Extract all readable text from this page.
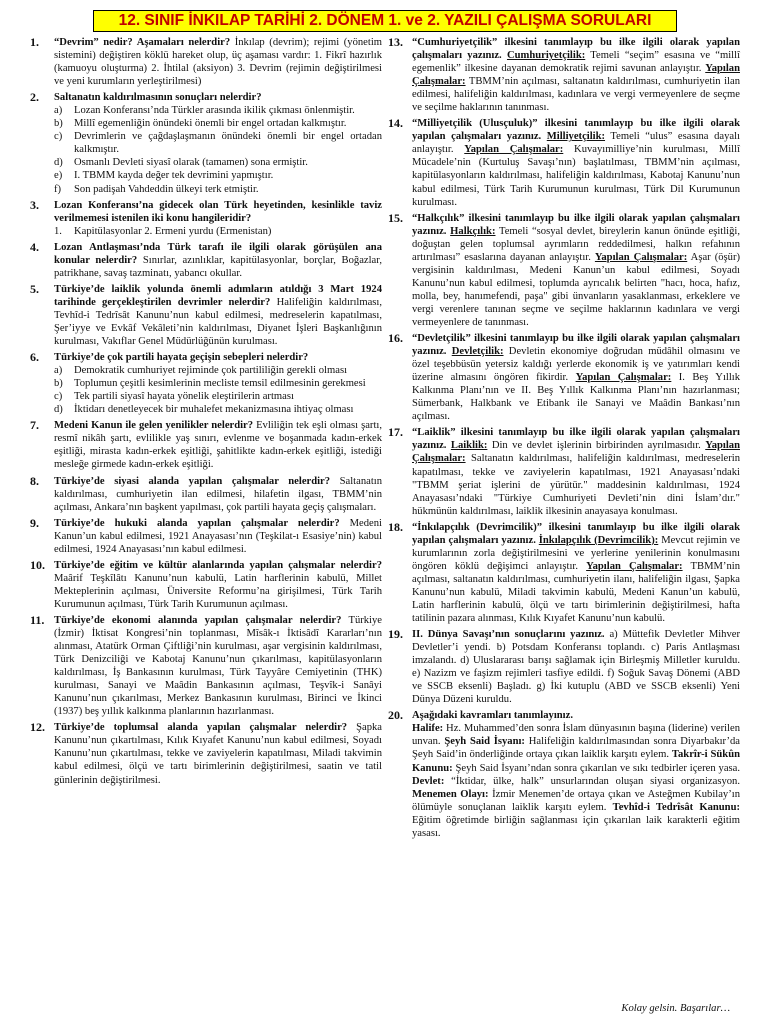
12. SINIF İNKILAP TARİHİ 2. DÖNEM 1. ve 2. YAZILI ÇALIŞMA SORULARI
1.	“Devrim” nedir? Aşamaları nelerdir? İnkılap (devrim); rejimi (yönetim sistemini) değiştiren köklü hareket olup, üç aşaması vardır: 1. Fikrî hazırlık (kamuoyu oluşturma) 2. İhtilal (aksiyon) 3. Devrim (rejimin değiştirilmesi ve yeni kurumların yerleştirilmesi)
2.	Saltanatın kaldırılmasının sonuçları nelerdir?
a)	Lozan Konferansı’nda Türkler arasında ikilik çıkması önlenmiştir.
b)	Millî egemenliğin önündeki önemli bir engel ortadan kalkmıştır.
c)	Devrimlerin ve çağdaşlaşmanın önündeki önemli bir engel ortadan kalkmıştır.
d)	Osmanlı Devleti siyasî olarak (tamamen) sona ermiştir.
e)	I. TBMM kayda değer tek devrimini yapmıştır.
f)	Son padişah Vahdeddin ülkeyi terk etmiştir.
3.	Lozan Konferansı’na gidecek olan Türk heyetinden, kesinlikle taviz verilmemesi istenilen iki konu hangileridir?
1.	Kapitülasyonlar 2. Ermeni yurdu (Ermenistan)
4.	Lozan Antlaşması’nda Türk tarafı ile ilgili olarak görüşülen ana konular nelerdir? Sınırlar, azınlıklar, kapitülasyonlar, borçlar, Boğazlar, patrikhane, savaş tazminatı, yabancı okullar.
5.	Türkiye’de laiklik yolunda önemli adımların atıldığı 3 Mart 1924 tarihinde gerçekleştirilen devrimler nelerdir? Halifeliğin kaldırılması, Tevhîd-i Tedrîsât Kanunu’nun kabul edilmesi, medreselerin kapatılması, Şer’iyye ve Evkâf Vekâleti’nin kaldırılması, Diyanet İşleri Başkanlığının kurulması, Vakıflar Genel Müdürlüğünün kurulması.
6.	Türkiye’de çok partili hayata geçişin sebepleri nelerdir?
a)	Demokratik cumhuriyet rejiminde çok partililiğin gerekli olması
b)	Toplumun çeşitli kesimlerinin mecliste temsil edilmesinin gerekmesi
c)	Tek partili siyasî hayata yönelik eleştirilerin artması
d)	İktidarı denetleyecek bir muhalefet mekanizmasına ihtiyaç olması
7.	Medeni Kanun ile gelen yenilikler nelerdir? Evliliğin tek eşli olması şartı, resmî nikâh şartı, evlilikle yaş sınırı, evlenme ve boşanmada kadın-erkek eşitliği, mirasta kadın-erkek eşitliği, şahitlikte kadın-erkek eşitliği, istediği mesleğe girmede kadın-erkek eşitliği.
8.	Türkiye’de siyasi alanda yapılan çalışmalar nelerdir? Saltanatın kaldırılması, cumhuriyetin ilan edilmesi, hilafetin ilgası, TBMM’nin açılması, Ankara’nın başkent yapılması, çok partili hayata geçiş çalışmaları.
9.	Türkiye’de hukuki alanda yapılan çalışmalar nelerdir? Medeni Kanun’un kabul edilmesi, 1921 Anayasası’nın (Teşkilat-ı Esasiye’nin) kabul edilmesi, 1924 Anayasası’nın kabul edilmesi.
10. Türkiye’de eğitim ve kültür alanlarında yapılan çalışmalar nelerdir? Maârif Teşkîlâtı Kanunu’nun kabulü, Latin harflerinin kabulü, Millet Mekteplerinin açılması, Üniversite Reformu’na girişilmesi, Türk Tarih Kurumunun açılması, Türk Tarih Kurumunun açılması.
11. Türkiye’de ekonomi alanında yapılan çalışmalar nelerdir? Türkiye (İzmir) İktisat Kongresi’nin toplanması, Mîsâk-ı İktisâdî Kararları’nın alınması, Atatürk Orman Çiftliği’nin kurulması, aşar vergisinin kaldırılması, Türk Denizciliği ve Kabotaj Kanunu’nun çıkarılması, kapitülasyonların kaldırılması, İş Bankasının kurulması, Türk Tayyâre Cemiyetinin (THK) kurulması, Sanayi ve Maâdin Bankasının açılması, Teşvîk-i Sanâyi Kanunu’nun çıkarılması, Merkez Bankasının kurulması, Birinci ve İkinci (1937) beş yıllık kalkınma planlarının hazırlanması.
12. Türkiye’de toplumsal alanda yapılan çalışmalar nelerdir? Şapka Kanunu’nun çıkartılması, Kılık Kıyafet Kanunu’nun kabul edilmesi, Soyadı Kanunu’nun çıkartılması, tekke ve zaviyelerin kapatılması, Miladi takvimin kabul edilmesi, ölçü ve tartı birimlerinin değiştirilmesi, saatin ve tatil günlerinin değiştirilmesi.
13. “Cumhuriyetçilik” ilkesini tanımlayıp bu ilke ilgili olarak yapılan çalışmaları yazınız. Cumhuriyetçilik: Temeli “seçim” esasına ve “millî egemenlik” ilkesine dayanan demokratik rejimi savunan anlayıştır. Yapılan Çalışmalar: TBMM’nin açılması, saltanatın kaldırılması, cumhuriyetin ilan edilmesi, halifeliğin kaldırılması, kadınlara ve vergi vermeyenlere de seçme ve seçilme haklarının tanınması.
14. “Milliyetçilik (Ulusçuluk)” ilkesini tanımlayıp bu ilke ilgili olarak yapılan çalışmaları yazınız. Milliyetçilik: Temeli “ulus” esasına dayalı anlayıştır. Yapılan Çalışmalar: Kuvayımilliye’nin kurulması, Millî Mücadele’nin (Kurtuluş Savaşı’nın) başlatılması, TBMM’nin açılması, kapitülasyonların kaldırılması, halifeliğin kaldırılması, Kabotaj Kanunu’nun kabul edilmesi, Türk Tarih Kurumunun kurulması, Türk Dil Kurumunun kurulması.
15. “Halkçılık” ilkesini tanımlayıp bu ilke ilgili olarak yapılan çalışmaları yazınız. Halkçılık: Temeli “sosyal devlet, bireylerin kanun önünde eşitliği, doğuştan gelen toplumsal ayrımların reddedilmesi, halkın refahının artırılması” esaslarına dayanan anlayıştır. Yapılan Çalışmalar: Aşar (öşür) vergisinin kaldırılması, Medeni Kanun’un kabul edilmesi, Soyadı Kanunu’nun kabul edilmesi, toplumda ayrıcalık belirten "hacı, hoca, hafız, molla, bey, hanımefendi, paşa" gibi ünvanların yasaklanması, erkeklere ve vergi verenlere tanınan seçme ve seçilme haklarının kadınlara ve vergi vermeyenlere de tanınması.
16. “Devletçilik” ilkesini tanımlayıp bu ilke ilgili olarak yapılan çalışmaları yazınız. Devletçilik: Devletin ekonomiye doğrudan müdâhil olmasını ve özel teşebbüsün yetersiz kaldığı yerlerde ekonomik iş ve yatırımları kendi üzerine almasını öngören fikirdir. Yapılan Çalışmalar: I. Beş Yıllık Kalkınma Planı’nın ve II. Beş Yıllık Kalkınma Planı’nın hazırlanması; Sümerbank, Halkbank ve Etibank ile Sanayi ve Maâdin Bankası’nın açılması.
17. “Laiklik” ilkesini tanımlayıp bu ilke ilgili olarak yapılan çalışmaları yazınız. Laiklik: Din ve devlet işlerinin birbirinden ayrılmasıdır. Yapılan Çalışmalar: Saltanatın kaldırılması, halifeliğin kaldırılması, medreselerin kapatılması, tekke ve zaviyelerin kapatılması, 1921 Anayasası’ndaki "TBMM şeriat işlerini de yürütür." maddesinin kaldırılması, 1924 Anayasası’ndaki "Türkiye Cumhuriyeti Devleti’nin dini İslam’dır." hükmünün kaldırılması, laiklik ilkesinin anayasaya konulması.
18. “İnkılapçılık (Devrimcilik)” ilkesini tanımlayıp bu ilke ilgili olarak yapılan çalışmaları yazınız. İnkılapçılık (Devrimcilik): Mevcut rejimin ve kurumlarının zorla değiştirilmesini ve yerlerine yenilerinin konulmasını öngören köklü değişimci anlayıştır. Yapılan Çalışmalar: TBMM’nin açılması, saltanatın kaldırılması, cumhuriyetin ilanı, halifeliğin ilgası, Şapka Kanunu’nun kabulü, Miladi takvimin kabulü, Medeni Kanun’un kabulü, Latin harflerinin kabulü, ölçü ve tartı birimlerinin değiştirilmesi, hafta tatilinin pazara alınması, Kılık Kıyafet Kanunu’nun kabulü.
19. II. Dünya Savaşı’nın sonuçlarını yazınız. a) Müttefik Devletler Mihver Devletler’i yendi. b) Potsdam Konferansı toplandı. c) Paris Antlaşması imzalandı. d) Uluslararası barışı sağlamak için Birleşmiş Milletler kuruldu. e) Nazizm ve faşizm rejimleri tasfiye edildi. f) Soğuk Savaş Dönemi (ABD ve SSCB eksenli) Başladı. g) İki kutuplu (ABD ve SSCB eksenli) Yeni Dünya Düzeni kuruldu.
20. Aşağıdaki kavramları tanımlayınız.
Halife: Hz. Muhammed’den sonra İslam dünyasının başına (liderine) verilen unvan. Şeyh Said İsyanı: Halifeliğin kaldırılmasından sonra Diyarbakır’da Şeyh Said’in önderliğinde ortaya çıkan laiklik karşıtı eylem. Takrîr-i Sükûn Kanunu: Şeyh Said İsyanı’ndan sonra çıkarılan ve sıkı tedbirler içeren yasa. Devlet: “İktidar, ülke, halk” unsurlarından oluşan siyasi organizasyon. Menemen Olayı: İzmir Menemen’de ortaya çıkan ve Asteğmen Kubilay’ın ölümüyle sonuçlanan laiklik karşıtı eylem. Tevhîd-i Tedrîsât Kanunu: Eğitim öğretimde birliğin sağlanması için çıkarılan laik karakterli eğitim yasası.
Kolay gelsin. Başarılar…
